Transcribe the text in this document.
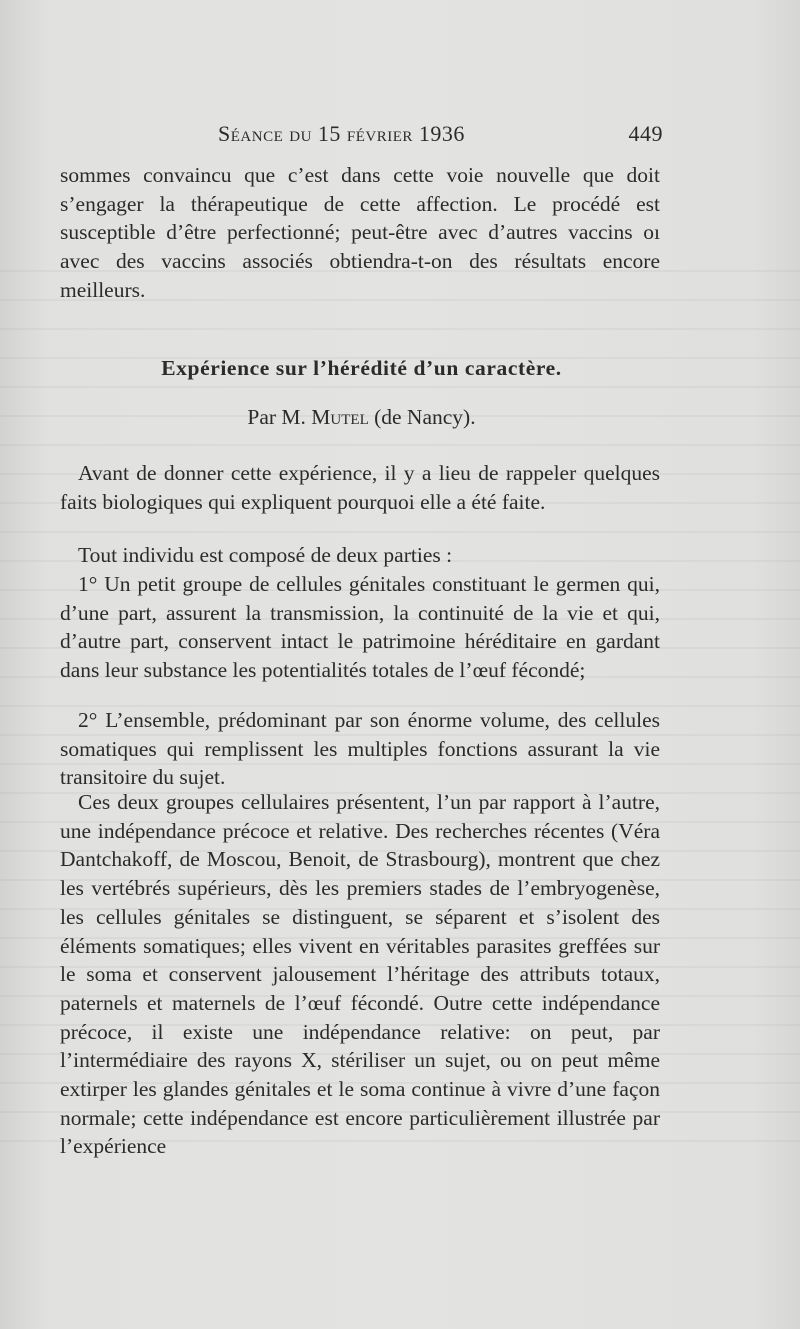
Séance du 15 février 1936	449

sommes convaincu que c’est dans cette voie nouvelle que doit s’engager la thérapeutique de cette affection. Le procédé est susceptible d’être perfectionné; peut-être avec d’autres vaccins oı avec des vaccins associés obtiendra-t-on des résultats encore meilleurs.

Expérience sur l’hérédité d’un caractère.

Par M. Mutel (de Nancy).

Avant de donner cette expérience, il y a lieu de rappeler quelques faits biologiques qui expliquent pourquoi elle a été faite.

Tout individu est composé de deux parties :

1° Un petit groupe de cellules génitales constituant le germen qui, d’une part, assurent la transmission, la continuité de la vie et qui, d’autre part, conservent intact le patrimoine héréditaire en gardant dans leur substance les potentialités totales de l’œuf fécondé;

2° L’ensemble, prédominant par son énorme volume, des cellules somatiques qui remplissent les multiples fonctions assurant la vie transitoire du sujet.

Ces deux groupes cellulaires présentent, l’un par rapport à l’autre, une indépendance précoce et relative. Des recherches récentes (Véra Dantchakoff, de Moscou, Benoit, de Strasbourg), montrent que chez les vertébrés supérieurs, dès les premiers stades de l’embryogenèse, les cellules génitales se distinguent, se séparent et s’isolent des éléments somatiques; elles vivent en véritables parasites greffées sur le soma et conservent jalousement l’héritage des attributs totaux, paternels et maternels de l’œuf fécondé. Outre cette indépendance précoce, il existe une indépendance relative: on peut, par l’intermédiaire des rayons X, stériliser un sujet, ou on peut même extirper les glandes génitales et le soma continue à vivre d’une façon normale; cette indépendance est encore particulièrement illustrée par l’expérience
